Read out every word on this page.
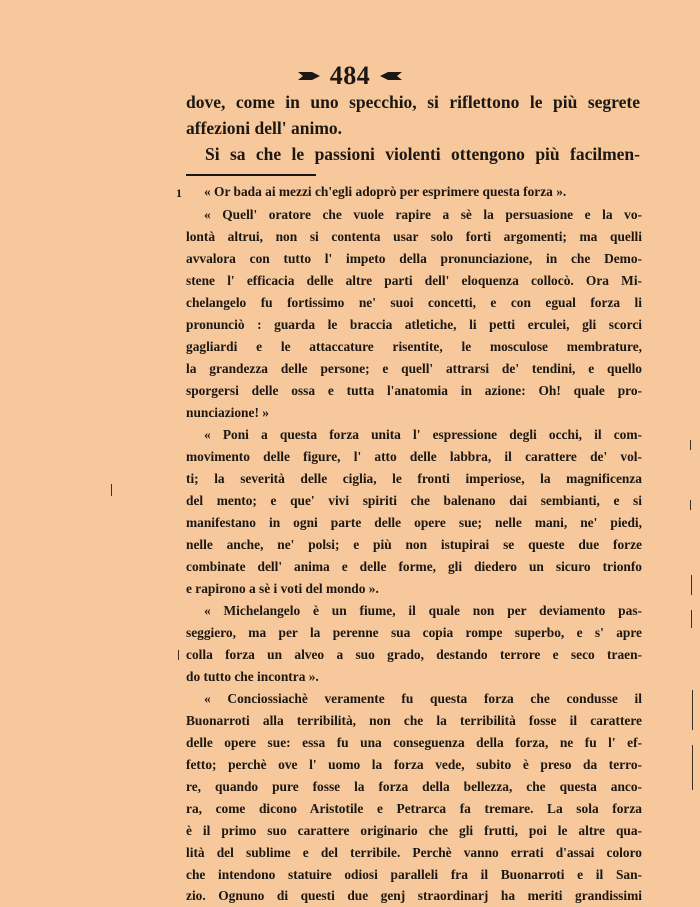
484
dove, come in uno specchio, si riflettono le più segrete
affezioni dell' animo.
Si sa che le passioni violenti ottengono più facilmen-
1 « Or bada ai mezzi ch'egli adoprò per esprimere questa forza ».
« Quell' oratore che vuole rapire a sè la persuasione e la vo-
lontà altrui, non si contenta usar solo forti argomenti; ma quelli
avvalora con tutto l' impeto della pronunciazione, in che Demo-
stene l' efficacia delle altre parti dell' eloquenza collocò. Ora Mi-
chelangelo fu fortissimo ne' suoi concetti, e con egual forza li
pronunciò : guarda le braccia atletiche, li petti erculei, gli scorci
gagliardi e le attaccature risentite, le mosculose membrature,
la grandezza delle persone; e quell' attrarsi de' tendini, e quello
sporgersi delle ossa e tutta l'anatomia in azione: Oh! quale pro-
nunciazione! »
« Poni a questa forza unita l' espressione degli occhi, il com-
movimento delle figure, l' atto delle labbra, il carattere de' vol-
ti; la severità delle ciglia, le fronti imperiose, la magnificenza
del mento; e que' vivi spiriti che balenano dai sembianti, e si
manifestano in ogni parte delle opere sue; nelle mani, ne' piedi,
nelle anche, ne' polsi; e più non istupirai se queste due forze
combinate dell' anima e delle forme, gli diedero un sicuro trionfo
e rapirono a sè i voti del mondo ».
« Michelangelo è un fiume, il quale non per deviamento pas-
seggiero, ma per la perenne sua copia rompe superbo, e s' apre
colla forza un alveo a suo grado, destando terrore e seco traen-
do tutto che incontra ».
« Conciossiachè veramente fu questa forza che condusse il
Buonarroti alla terribilità, non che la terribilità fosse il carattere
delle opere sue: essa fu una conseguenza della forza, ne fu l' ef-
fetto; perchè ove l' uomo la forza vede, subito è preso da terro-
re, quando pure fosse la forza della bellezza, che questa anco-
ra, come dicono Aristotile e Petrarca fa tremare. La sola forza
è il primo suo carattere originario che gli frutti, poi le altre qua-
lità del sublime e del terribile. Perchè vanno errati d'assai coloro
che intendono statuire odiosi paralleli fra il Buonarroti e il San-
zio. Ognuno di questi due genj straordinarj ha meriti grandissimi
